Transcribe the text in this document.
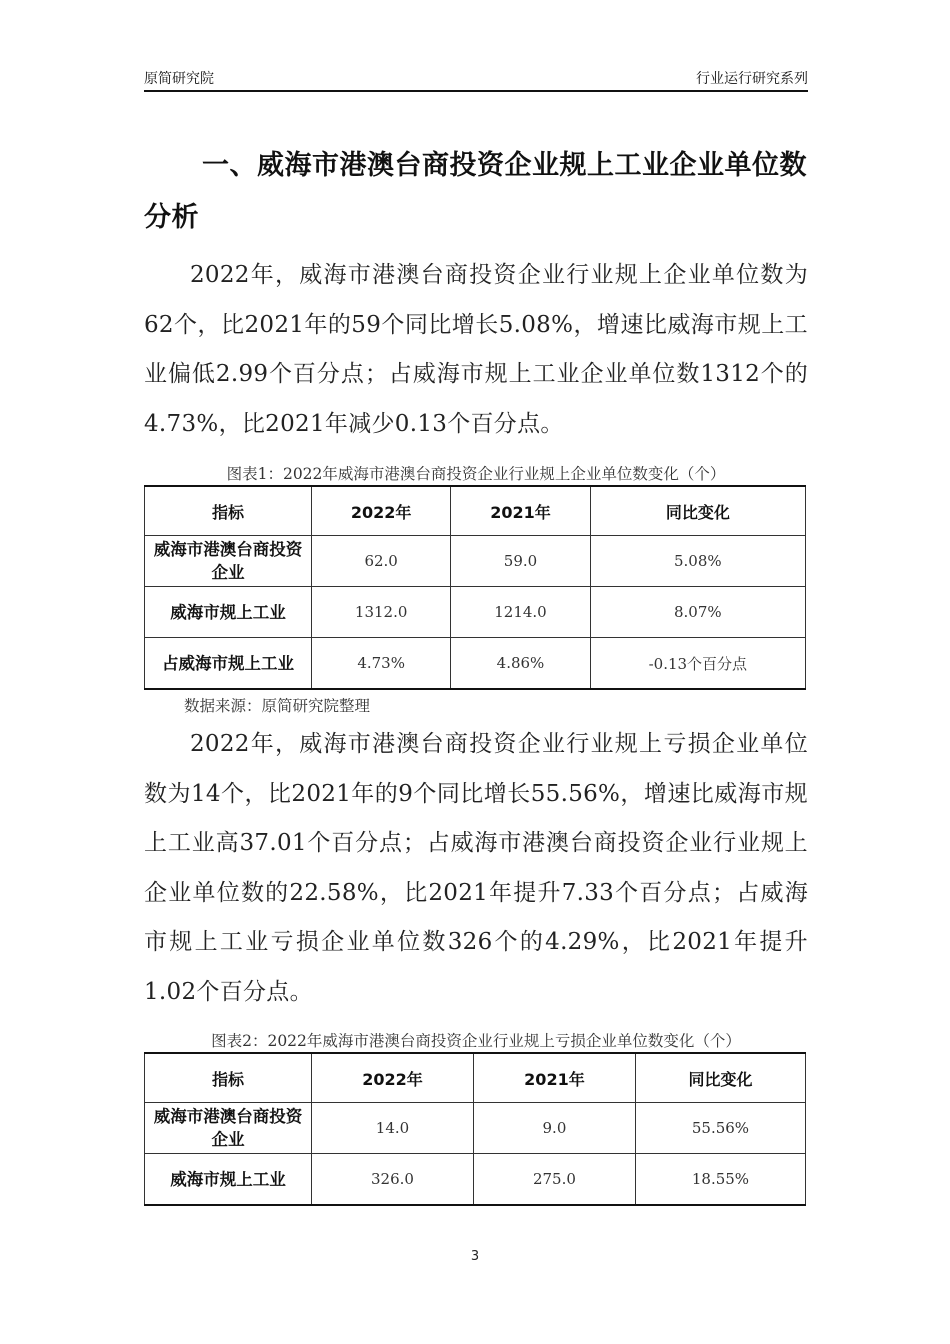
原简研究院	行业运行研究系列
一、威海市港澳台商投资企业规上工业企业单位数分析
2022年，威海市港澳台商投资企业行业规上企业单位数为62个，比2021年的59个同比增长5.08%，增速比威海市规上工业偏低2.99个百分点；占威海市规上工业企业单位数1312个的4.73%，比2021年减少0.13个百分点。
图表1：2022年威海市港澳台商投资企业行业规上企业单位数变化（个）
指标	2022年	2021年	同比变化
威海市港澳台商投资企业	62.0	59.0	5.08%
威海市规上工业	1312.0	1214.0	8.07%
占威海市规上工业	4.73%	4.86%	-0.13个百分点
数据来源：原简研究院整理
2022年，威海市港澳台商投资企业行业规上亏损企业单位数为14个，比2021年的9个同比增长55.56%，增速比威海市规上工业高37.01个百分点；占威海市港澳台商投资企业行业规上企业单位数的22.58%，比2021年提升7.33个百分点；占威海市规上工业亏损企业单位数326个的4.29%，比2021年提升1.02个百分点。
图表2：2022年威海市港澳台商投资企业行业规上亏损企业单位数变化（个）
指标	2022年	2021年	同比变化
威海市港澳台商投资企业	14.0	9.0	55.56%
威海市规上工业	326.0	275.0	18.55%
3
